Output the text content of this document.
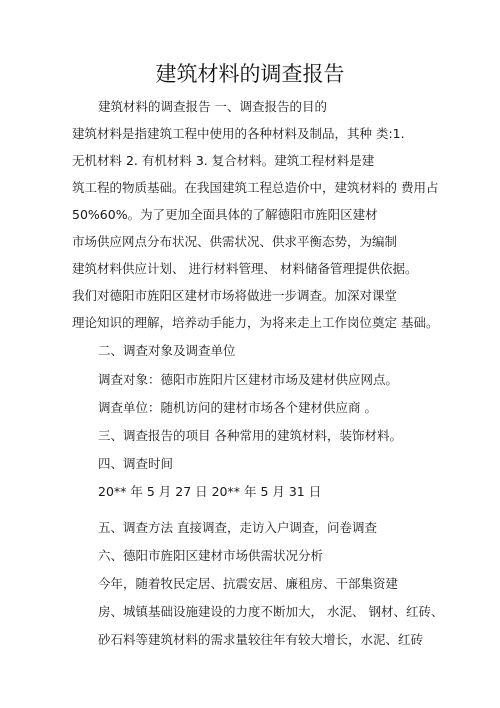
建筑材料的调查报告
建筑材料的调查报告 一、调查报告的目的
建筑材料是指建筑工程中使用的各种材料及制品，其种 类:1.
无机材料 2. 有机材料 3. 复合材料。建筑工程材料是建
筑工程的物质基础。在我国建筑工程总造价中，建筑材料的 费用占
50%60%。为了更加全面具体的了解德阳市旌阳区建材
市场供应网点分布状况、供需状况、供求平衡态势，为编制
建筑材料供应计划、 进行材料管理、 材料储备管理提供依据。
我们对德阳市旌阳区建材市场将做进一步调查。加深对课堂
理论知识的理解，培养动手能力，为将来走上工作岗位奠定 基础。
二、调查对象及调查单位
调查对象：德阳市旌阳片区建材市场及建材供应网点。
调查单位：随机访问的建材市场各个建材供应商 。
三、调查报告的项目 各种常用的建筑材料，装饰材料。
四、调查时间
20** 年 5 月 27 日 20** 年 5 月 31 日
五、调查方法 直接调查，走访入户调查，问卷调查
六、德阳市旌阳区建材市场供需状况分析
今年，随着牧民定居、抗震安居、廉租房、干部集资建
房、城镇基础设施建设的力度不断加大， 水泥、 钢材、红砖、
砂石料等建筑材料的需求量较往年有较大增长，水泥、红砖
